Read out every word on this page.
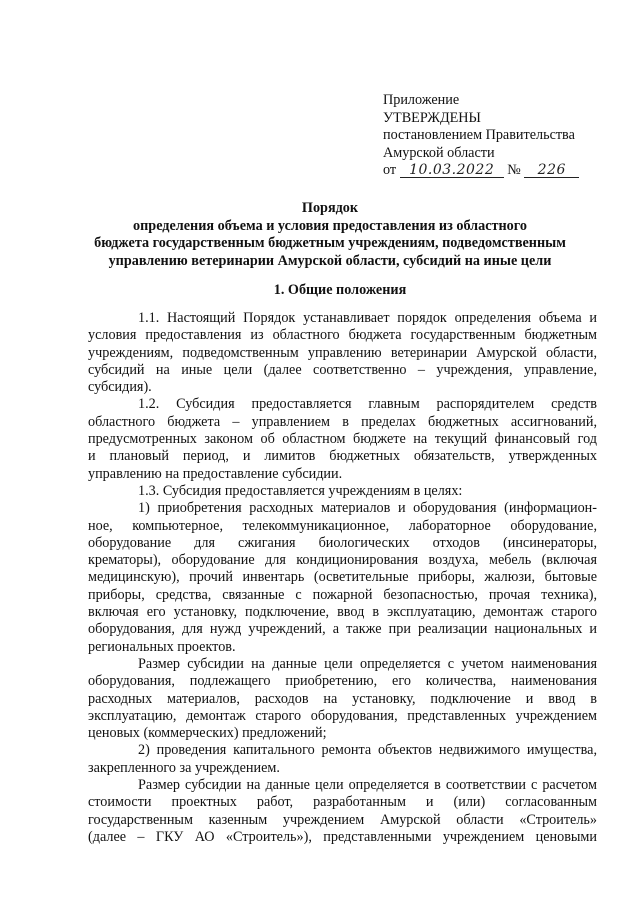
Приложение
УТВЕРЖДЕНЫ
постановлением Правительства
Амурской области
от 10.03.2022 № 226
Порядок
определения объема и условия предоставления из областного
бюджета государственным бюджетным учреждениям, подведомственным
управлению ветеринарии Амурской области, субсидий на иные цели
1. Общие положения

1.1. Настоящий Порядок устанавливает порядок определения объема и

условия предоставления из областного бюджета государственным бюджетным

учреждениям, подведомственным управлению ветеринарии Амурской области,

субсидий на иные цели (далее соответственно – учреждения, управление,

субсидия).

1.2. Субсидия предоставляется главным распорядителем средств

областного бюджета – управлением в пределах бюджетных ассигнований,

предусмотренных законом об областном бюджете на текущий финансовый год

и плановый период, и лимитов бюджетных обязательств, утвержденных

управлению на предоставление субсидии.

1.3. Субсидия предоставляется учреждениям в целях:

1) приобретения расходных материалов и оборудования (информацион-

ное, компьютерное, телекоммуникационное, лабораторное оборудование,

оборудование для сжигания биологических отходов (инсинераторы,

крематоры), оборудование для кондиционирования воздуха, мебель (включая

медицинскую), прочий инвентарь (осветительные приборы, жалюзи, бытовые

приборы, средства, связанные с пожарной безопасностью, прочая техника),

включая его установку, подключение, ввод в эксплуатацию, демонтаж старого

оборудования, для нужд учреждений, а также при реализации национальных и

региональных проектов.

Размер субсидии на данные цели определяется с учетом наименования

оборудования, подлежащего приобретению, его количества, наименования

расходных материалов, расходов на установку, подключение и ввод в

эксплуатацию, демонтаж старого оборудования, представленных учреждением

ценовых (коммерческих) предложений;

2) проведения капитального ремонта объектов недвижимого имущества,

закрепленного за учреждением.

Размер субсидии на данные цели определяется в соответствии с расчетом

стоимости проектных работ, разработанным и (или) согласованным

государственным казенным учреждением Амурской области «Строитель»

(далее – ГКУ АО «Строитель»), представленными учреждением ценовыми
